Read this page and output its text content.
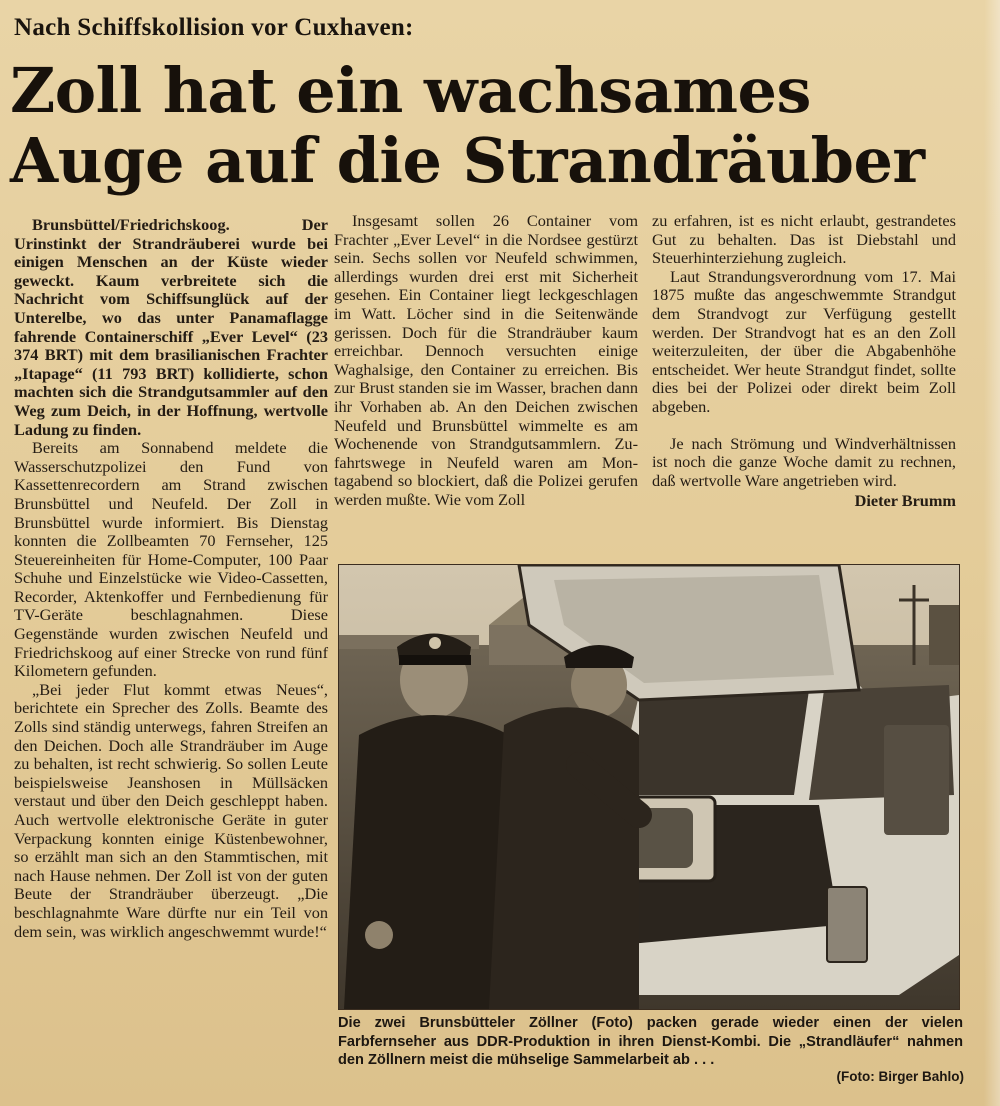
Nach Schiffskollision vor Cuxhaven:
Zoll hat ein wachsames
Auge auf die Strandräuber

Brunsbüttel/Friedrichskoog. Der Urinstinkt der Strandräuberei wurde bei einigen Menschen an der Küste wieder geweckt. Kaum verbreitete sich die Nachricht vom Schiffsunglück auf der Unterelbe, wo das unter Panamaflagge fahrende Containerschiff „Ever Level“ (23 374 BRT) mit dem brasilianischen Frachter „Itapage“ (11 793 BRT) kollidierte, schon machten sich die Strandgutsammler auf den Weg zum Deich, in der Hoffnung, wertvolle Ladung zu finden.

Bereits am Sonnabend meldete die Wasserschutzpolizei den Fund von Kassettenrecordern am Strand zwischen Brunsbüttel und Neufeld. Der Zoll in Brunsbüttel wurde informiert. Bis Dienstag konnten die Zollbeamten 70 Fernseher, 125 Steuereinheiten für Home-Computer, 100 Paar Schuhe und Einzelstücke wie Video-Cassetten, Recorder, Aktenkoffer und Fernbedienung für TV-Geräte beschlagnahmen. Diese Gegenstände wurden zwischen Neufeld und Friedrichskoog auf einer Strecke von rund fünf Kilometern gefunden.

„Bei jeder Flut kommt etwas Neues“, berichtete ein Sprecher des Zolls. Beamte des Zolls sind ständig unterwegs, fahren Streifen an den Deichen. Doch alle Strandräuber im Auge zu behalten, ist recht schwierig. So sollen Leute beispielsweise Jeanshosen in Müllsäcken verstaut und über den Deich geschleppt haben. Auch wertvolle elektronische Geräte in guter Verpackung konnten einige Küstenbewohner, so erzählt man sich an den Stammtischen, mit nach Hause nehmen. Der Zoll ist von der guten Beute der Strandräuber überzeugt. „Die beschlagnahmte Ware dürfte nur ein Teil von dem sein, was wirklich angeschwemmt wurde!“

Insgesamt sollen 26 Container vom Frachter „Ever Level“ in die Nordsee gestürzt sein. Sechs sollen vor Neufeld schwimmen, allerdings wurden drei erst mit Sicherheit gesehen. Ein Container liegt leckgeschlagen im Watt. Löcher sind in die Seitenwände gerissen. Doch für die Strandräuber kaum erreichbar. Dennoch versuchten einige Waghalsige, den Container zu erreichen. Bis zur Brust standen sie im Wasser, brachen dann ihr Vorhaben ab. An den Deichen zwischen Neufeld und Brunsbüttel wimmelte es am Wochenende von Strandgutsammlern. Zufahrtswege in Neufeld waren am Montagabend so blockiert, daß die Polizei gerufen werden mußte. Wie vom Zoll

zu erfahren, ist es nicht erlaubt, gestrandetes Gut zu behalten. Das ist Diebstahl und Steuerhinterziehung zugleich.

Laut Strandungsverordnung vom 17. Mai 1875 mußte das angeschwemmte Strandgut dem Strandvogt zur Verfügung gestellt werden. Der Strandvogt hat es an den Zoll weiterzuleiten, der über die Abgabenhöhe entscheidet. Wer heute Strandgut findet, sollte dies bei der Polizei oder direkt beim Zoll abgeben.

Je nach Strömung und Windverhältnissen ist noch die ganze Woche damit zu rechnen, daß wertvolle Ware angetrieben wird.

Dieter Brumm
Die zwei Brunsbütteler Zöllner (Foto) packen gerade wieder einen der vielen Farbfernseher aus DDR-Produktion in ihren Dienst-Kombi. Die „Strandläufer“ nahmen den Zöllnern meist die mühselige Sammelarbeit ab . . .
(Foto: Birger Bahlo)
